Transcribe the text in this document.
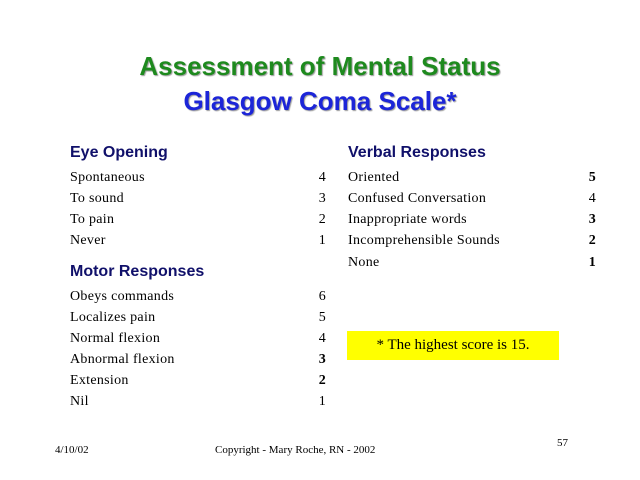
Assessment of Mental Status
Glasgow Coma Scale*
Eye Opening
Spontaneous	4
To sound	3
To pain	2
Never	1
Motor Responses
Obeys commands	6
Localizes pain	5
Normal flexion	4
Abnormal flexion	3
Extension	2
Nil	1
Verbal Responses
Oriented	5
Confused Conversation	4
Inappropriate words	3
Incomprehensible Sounds	2
None	1
* The highest score is 15.
4/10/02	Copyright - Mary Roche, RN - 2002
57
